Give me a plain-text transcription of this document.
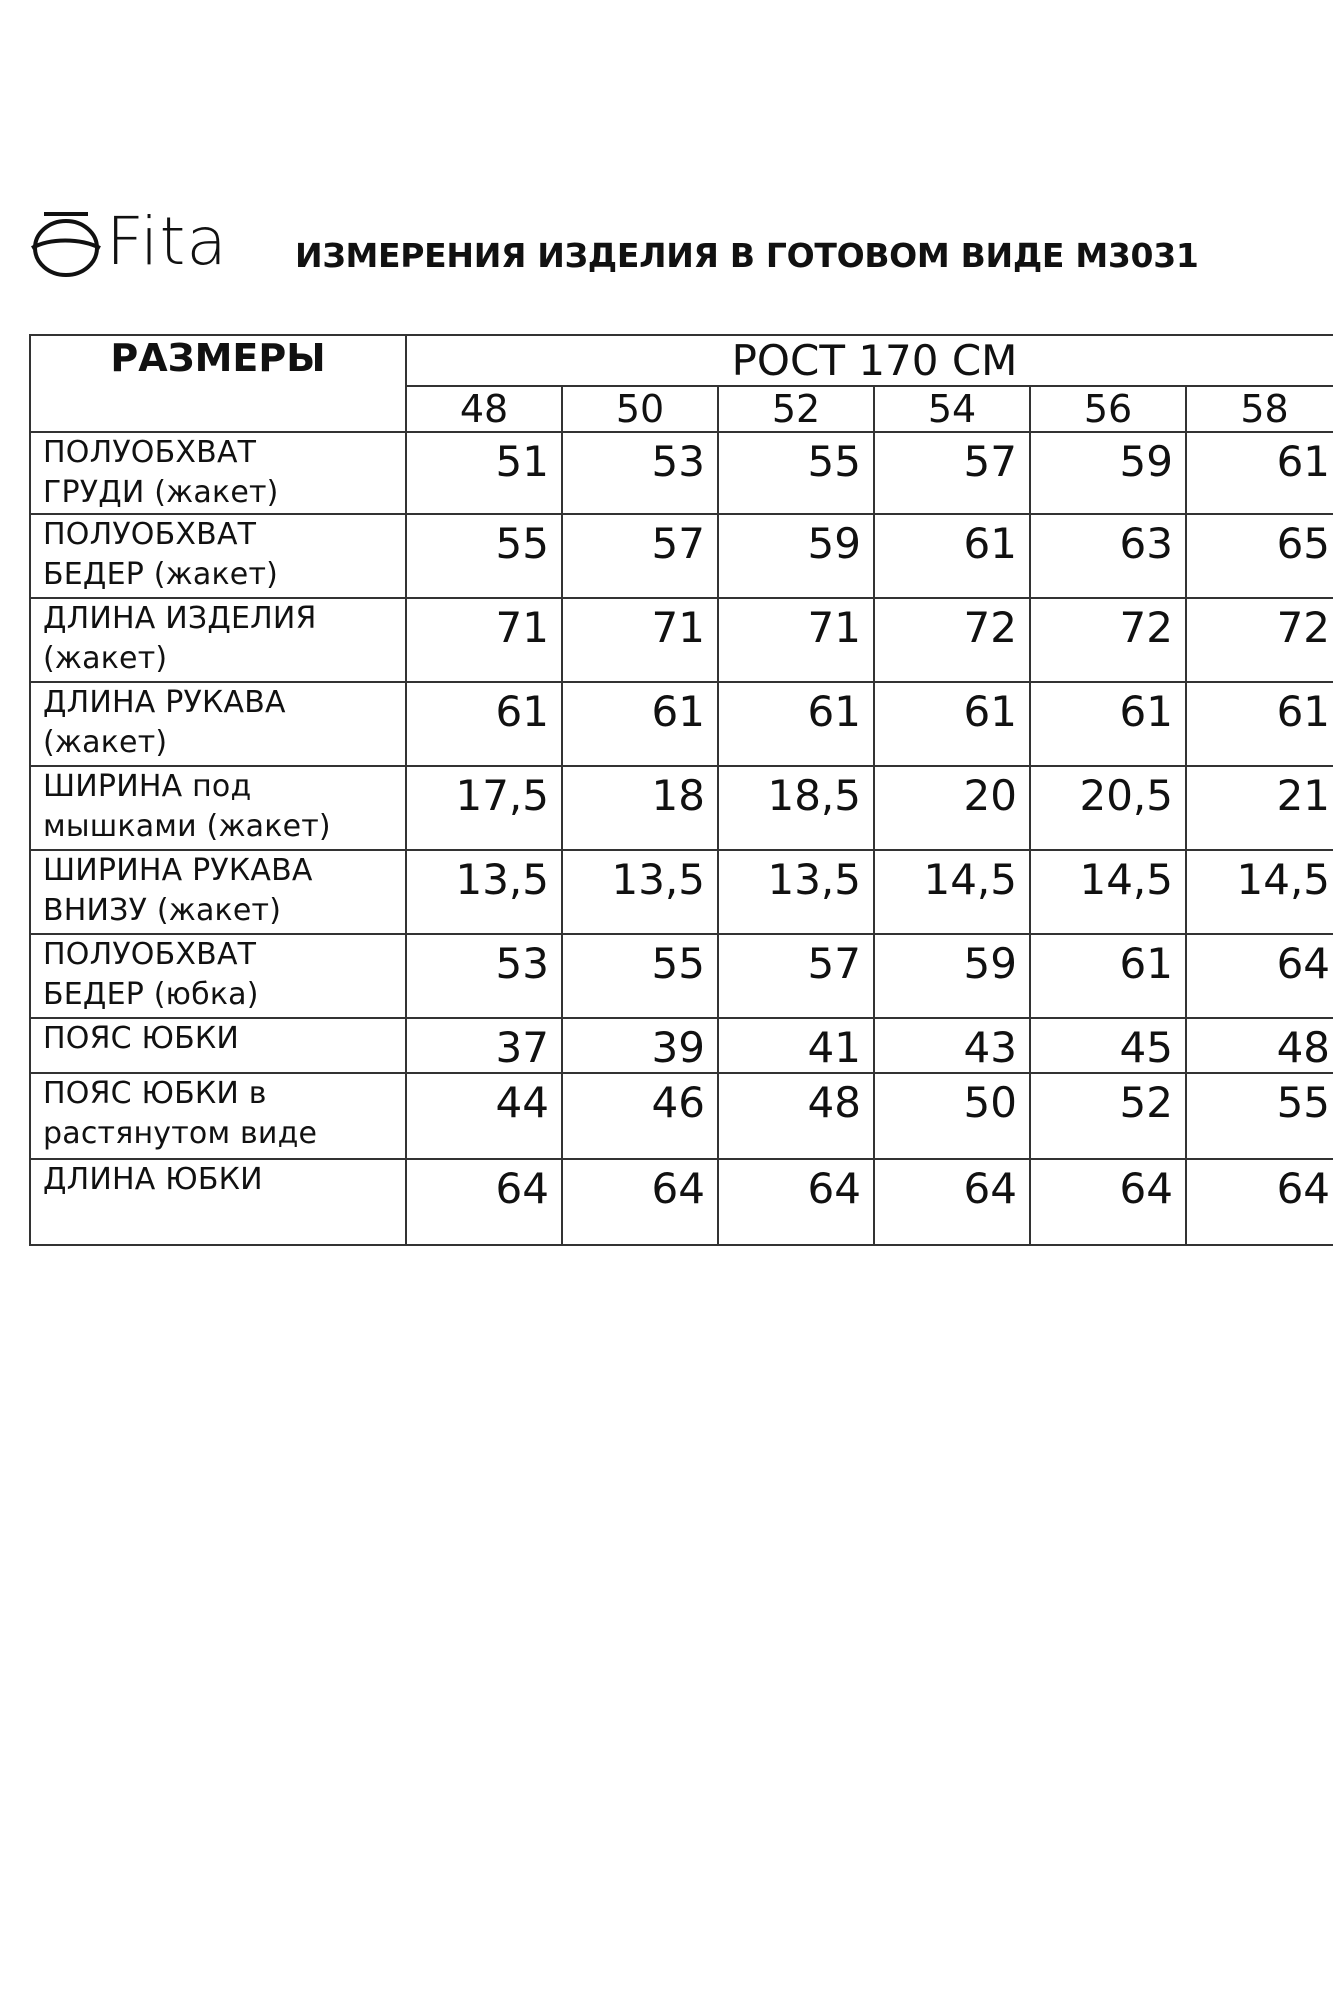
Fita ИЗМЕРЕНИЯ ИЗДЕЛИЯ В ГОТОВОМ ВИДЕ М3031
РАЗМЕРЫ	РОСТ 170 СМ					
	48	50	52	54	56	58

ПОЛУОБХВАТ
ГРУДИ (жакет)	51	53	55	57	59	61

ПОЛУОБХВАТ
БЕДЕР (жакет)	55	57	59	61	63	65

ДЛИНА ИЗДЕЛИЯ
(жакет)	71	71	71	72	72	72

ДЛИНА РУКАВА
(жакет)	61	61	61	61	61	61

ШИРИНА под
мышками (жакет)	17,5	18	18,5	20	20,5	21

ШИРИНА РУКАВА
ВНИЗУ (жакет)	13,5	13,5	13,5	14,5	14,5	14,5

ПОЛУОБХВАТ
БЕДЕР (юбка)	53	55	57	59	61	64

ПОЯС ЮБКИ	37	39	41	43	45	48

ПОЯС ЮБКИ в
растянутом виде	44	46	48	50	52	55

ДЛИНА ЮБКИ	64	64	64	64	64	64
